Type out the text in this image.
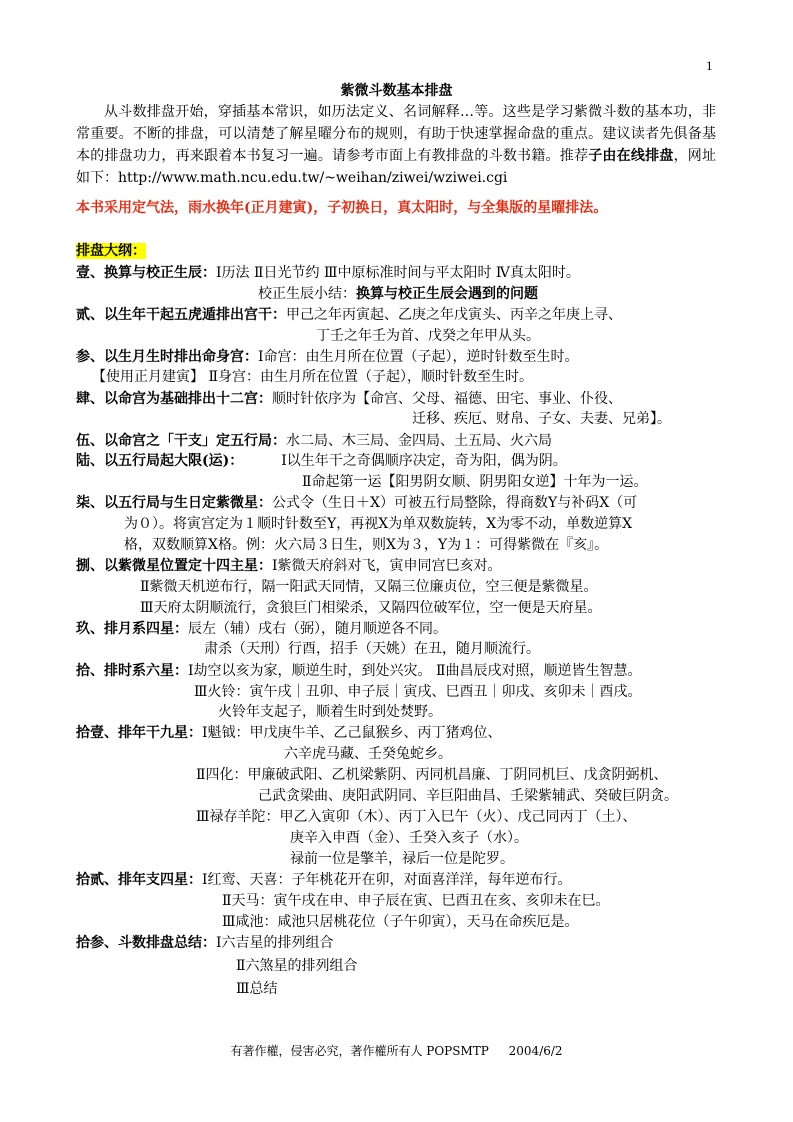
1
紫微斗数基本排盘

从斗数排盘开始，穿插基本常识，如历法定义、名词解释…等。这些是学习紫微斗数的基本功，非常重要。不断的排盘，可以清楚了解星曜分布的规则，有助于快速掌握命盘的重点。建议读者先俱备基本的排盘功力，再来跟着本书复习一遍。请参考市面上有教排盘的斗数书籍。推荐子由在线排盘，网址如下：http://www.math.ncu.edu.tw/~weihan/ziwei/wziwei.cgi

本书采用定气法，雨水换年(正月建寅)，子初换日，真太阳时，与全集版的星曜排法。
排盘大纲：
壹、换算与校正生辰：Ⅰ历法 Ⅱ日光节约 Ⅲ中原标准时间与平太阳时 Ⅳ真太阳时。
校正生辰小结：换算与校正生辰会遇到的问题
贰、以生年干起五虎遁排出宫干：甲己之年丙寅起、乙庚之年戊寅头、丙辛之年庚上寻、
丁壬之年壬为首、戊癸之年甲从头。
参、以生月生时排出命身宫：Ⅰ命宫：由生月所在位置（子起），逆时针数至生时。
【使用正月建寅】 Ⅱ身宫：由生月所在位置（子起），顺时针数至生时。
肆、以命宫为基础排出十二宫：顺时针依序为【命宫、父母、福德、田宅、事业、仆役、
迁移、疾厄、财帛、子女、夫妻、兄弟】。
伍、以命宫之「干支」定五行局：水二局、木三局、金四局、土五局、火六局
陆、以五行局起大限(运)：	Ⅰ以生年干之奇偶顺序决定，奇为阳，偶为阴。
Ⅱ命起第一运【阳男阴女顺、阴男阳女逆】十年为一运。
柒、以五行局与生日定紫微星：公式令（生日＋X）可被五行局整除，得商数Y与补码X（可
为０）。将寅宫定为１顺时针数至Y，再视X为单双数旋转，X为零不动，单数逆算X
格，双数顺算X格。例：火六局３日生，则X为３，Y为１：可得紫微在『亥』。
捌、以紫微星位置定十四主星：Ⅰ紫微天府斜对飞，寅申同宫巳亥对。
Ⅱ紫微天机逆布行，隔一阳武天同情，又隔三位廉贞位，空三便是紫微星。
Ⅲ天府太阴顺流行，贪狼巨门相梁杀，又隔四位破军位，空一便是天府星。
玖、排月系四星：辰左（辅）戌右（弼），随月顺逆各不同。
肃杀（天刑）行酉，招手（天姚）在丑，随月顺流行。
拾、排时系六星：Ⅰ劫空以亥为家，顺逆生时，到处兴灾。 Ⅱ曲昌辰戌对照，顺逆皆生智慧。
Ⅲ火铃：寅午戌｜丑卯、申子辰｜寅戌、巳酉丑｜卯戌、亥卯未｜酉戌。
火铃年支起子，顺着生时到处焚野。
拾壹、排年干九星：Ⅰ魁钺：甲戊庚牛羊、乙己鼠猴乡、丙丁猪鸡位、
六辛虎马藏、壬癸兔蛇乡。
Ⅱ四化：甲廉破武阳、乙机梁紫阴、丙同机昌廉、丁阴同机巨、戊贪阴弼机、
己武贪梁曲、庚阳武阴同、辛巨阳曲昌、壬梁紫辅武、癸破巨阴贪。
Ⅲ禄存羊陀：甲乙入寅卯（木）、丙丁入巳午（火）、戊己同丙丁（土）、
庚辛入申酉（金）、壬癸入亥子（水）。
禄前一位是擎羊，禄后一位是陀罗。
拾贰、排年支四星：Ⅰ红鸾、天喜：子年桃花开在卯，对面喜洋洋，每年逆布行。
Ⅱ天马：寅午戌在申、申子辰在寅、巳酉丑在亥、亥卯未在巳。
Ⅲ咸池：咸池只居桃花位（子午卯寅），天马在命疾厄是。
拾参、斗数排盘总结：Ⅰ六吉星的排列组合
Ⅱ六煞星的排列组合
Ⅲ总结
有著作權，侵害必究，著作權所有人 POPSMTP 2004/6/2
